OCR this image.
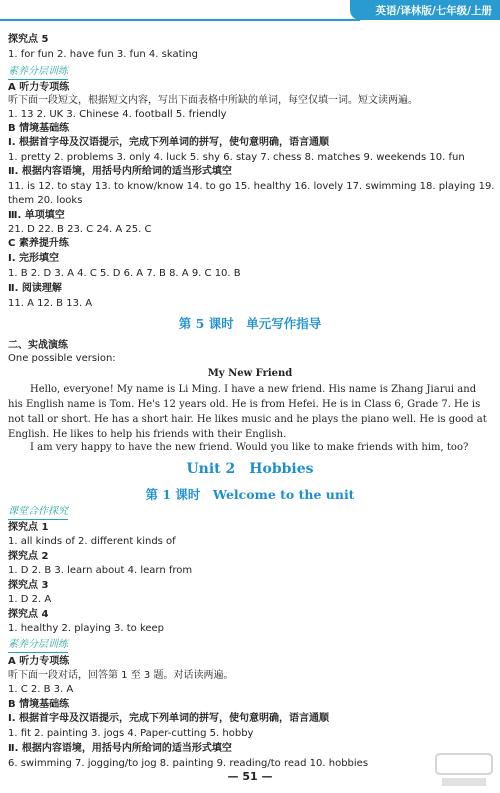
英语/译林版/七年级/上册
探究点 5
1. for fun 2. have fun 3. fun 4. skating
素养分层训练
A 听力专项练
听下面一段短文，根据短文内容，写出下面表格中所缺的单词，每空仅填一词。短文读两遍。
1. 13 2. UK 3. Chinese 4. football 5. friendly
B 情境基础练
Ⅰ. 根据首字母及汉语提示，完成下列单词的拼写，使句意明确，语言通顺
1. pretty 2. problems 3. only 4. luck 5. shy 6. stay 7. chess 8. matches 9. weekends 10. fun
Ⅱ. 根据内容语境，用括号内所给词的适当形式填空
11. is 12. to stay 13. to know/know 14. to go 15. healthy 16. lovely 17. swimming 18. playing 19.
them 20. looks
Ⅲ. 单项填空
21. D 22. B 23. C 24. A 25. C
C 素养提升练
Ⅰ. 完形填空
1. B 2. D 3. A 4. C 5. D 6. A 7. B 8. A 9. C 10. B
Ⅱ. 阅读理解
11. A 12. B 13. A
二、实战演练
One possible version:
探究点 1
1. all kinds of 2. different kinds of
探究点 2
1. D 2. B 3. learn about 4. learn from
探究点 3
1. D 2. A
探究点 4
1. healthy 2. playing 3. to keep
素养分层训练
A 听力专项练
听下面一段对话，回答第 1 至 3 题。对话读两遍。
1. C 2. B 3. A
B 情境基础练
Ⅰ. 根据首字母及汉语提示，完成下列单词的拼写，使句意明确，语言通顺
1. fit 2. painting 3. jogs 4. Paper-cutting 5. hobby
Ⅱ. 根据内容语境，用括号内所给词的适当形式填空
6. swimming 7. jogging/to jog 8. painting 9. reading/to read 10. hobbies
第 5 课时　单元写作指导
My New Friend
Hello, everyone! My name is Li Ming. I have a new friend. His name is Zhang Jiarui and his English name is Tom. He's 12 years old. He is from Hefei. He is in Class 6, Grade 7. He is not tall or short. He has a short hair. He likes music and he plays the piano well. He is good at English. He likes to help his friends with their English.
I am very happy to have the new friend. Would you like to make friends with him, too?
Unit 2　Hobbies
第 1 课时　Welcome to the unit
课堂合作探究
— 51 —
